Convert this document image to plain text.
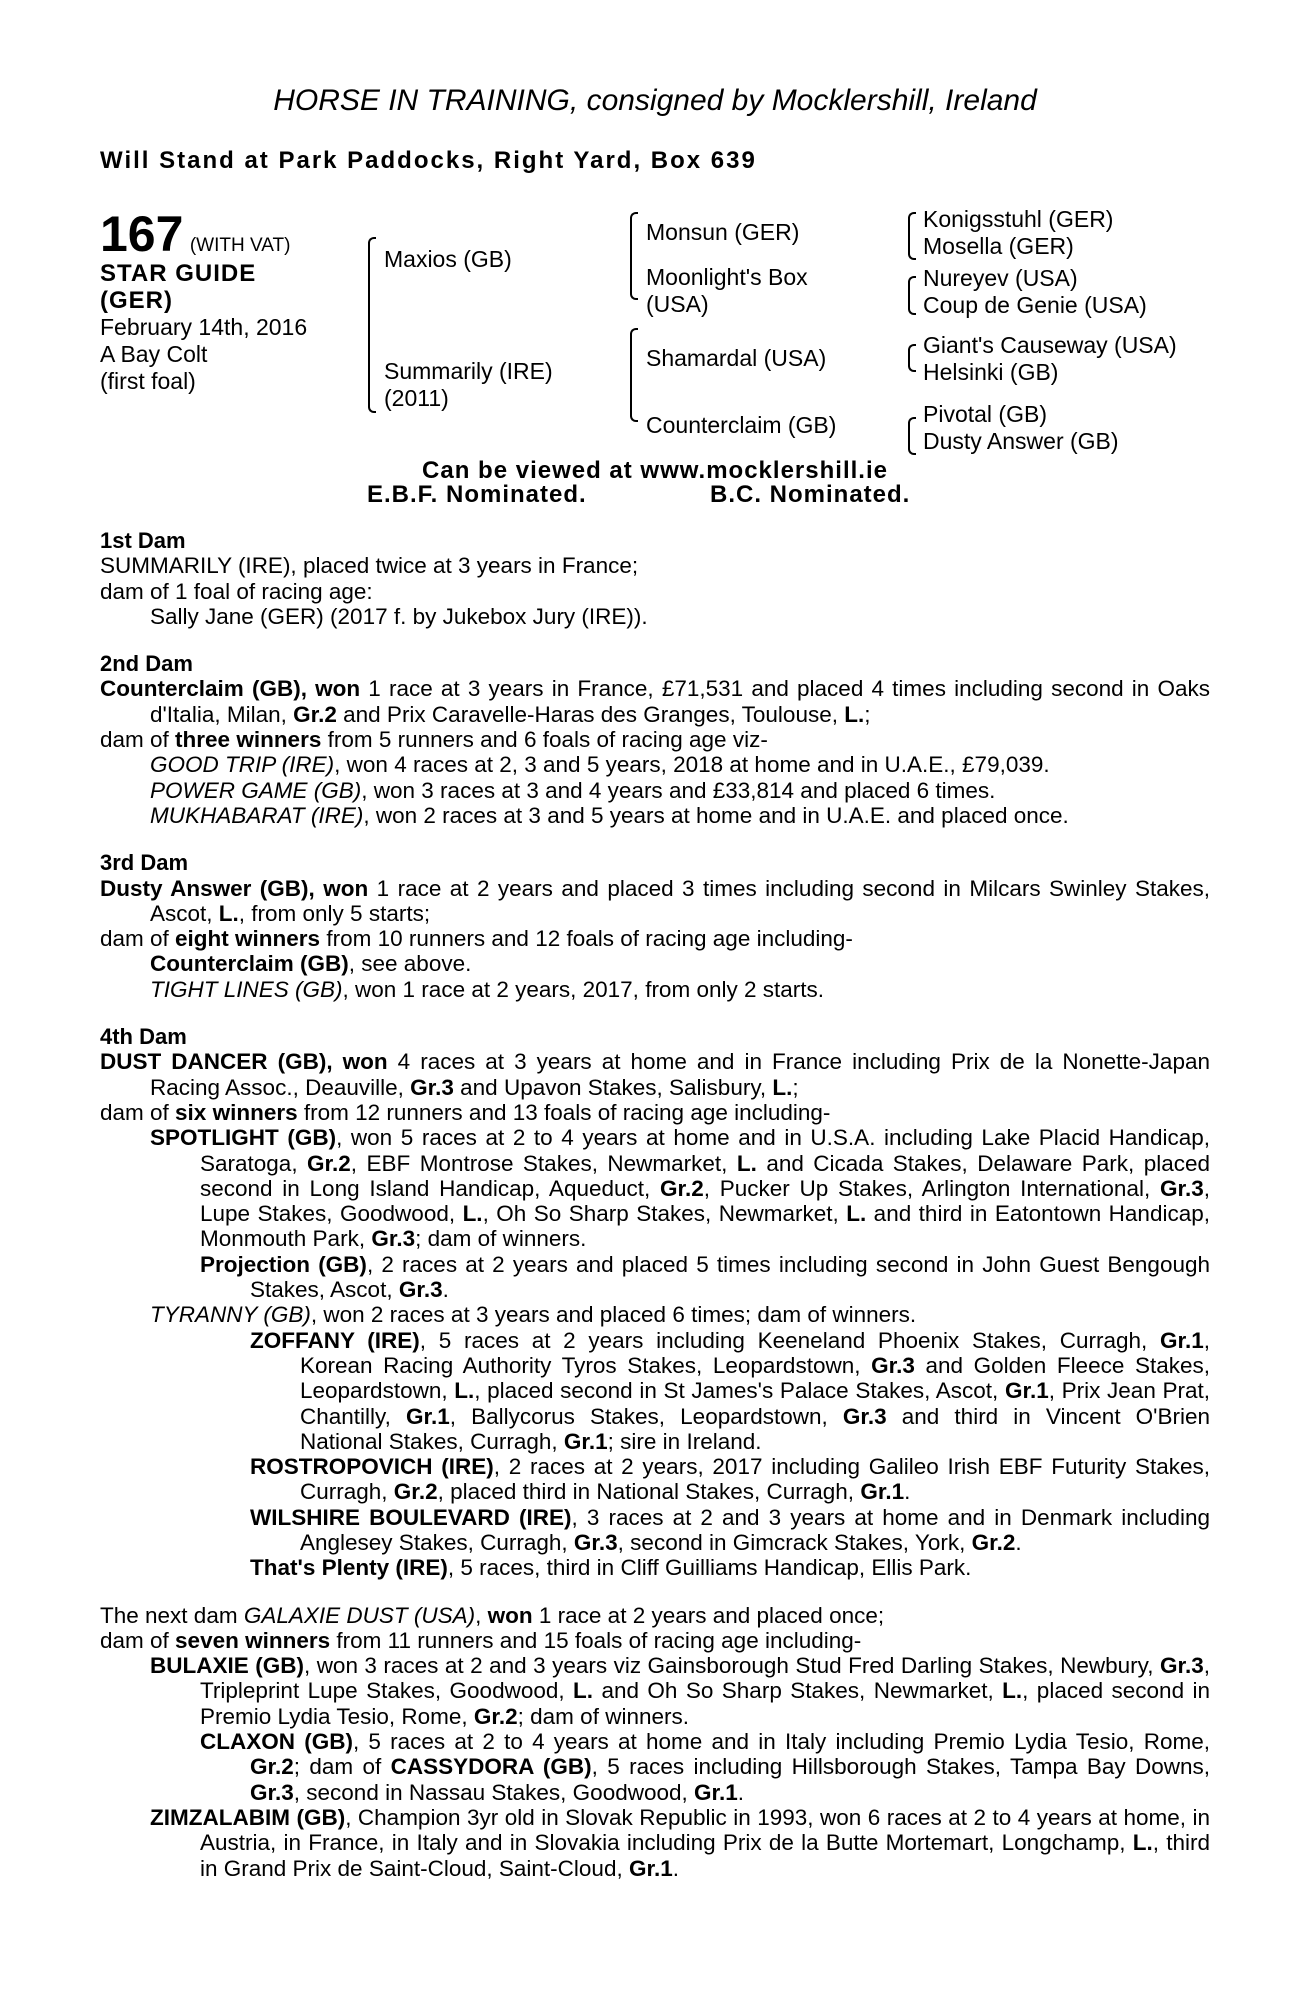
HORSE IN TRAINING, consigned by Mocklershill, Ireland
Will Stand at Park Paddocks, Right Yard, Box 639
167 (WITH VAT)
STAR GUIDE
(GER)
February 14th, 2016
A Bay Colt
(first foal)
Maxios (GB)
Summarily (IRE)
(2011)
Monsun (GER)
Moonlight's Box
(USA)
Shamardal (USA)
Counterclaim (GB)
Konigsstuhl (GER)
Mosella (GER)
Nureyev (USA)
Coup de Genie (USA)
Giant's Causeway (USA)
Helsinki (GB)
Pivotal (GB)
Dusty Answer (GB)
Can be viewed at www.mocklershill.ie
E.B.F. Nominated.	B.C. Nominated.
1st Dam
SUMMARILY (IRE), placed twice at 3 years in France;
dam of 1 foal of racing age:
Sally Jane (GER) (2017 f. by Jukebox Jury (IRE)).
2nd Dam
Counterclaim (GB), won 1 race at 3 years in France, £71,531 and placed 4 times including second in Oaks d'Italia, Milan, Gr.2 and Prix Caravelle-Haras des Granges, Toulouse, L.;
dam of three winners from 5 runners and 6 foals of racing age viz-
GOOD TRIP (IRE), won 4 races at 2, 3 and 5 years, 2018 at home and in U.A.E., £79,039.
POWER GAME (GB), won 3 races at 3 and 4 years and £33,814 and placed 6 times.
MUKHABARAT (IRE), won 2 races at 3 and 5 years at home and in U.A.E. and placed once.
3rd Dam
Dusty Answer (GB), won 1 race at 2 years and placed 3 times including second in Milcars Swinley Stakes, Ascot, L., from only 5 starts;
dam of eight winners from 10 runners and 12 foals of racing age including-
Counterclaim (GB), see above.
TIGHT LINES (GB), won 1 race at 2 years, 2017, from only 2 starts.
4th Dam
DUST DANCER (GB), won 4 races at 3 years at home and in France including Prix de la Nonette-Japan Racing Assoc., Deauville, Gr.3 and Upavon Stakes, Salisbury, L.;
dam of six winners from 12 runners and 13 foals of racing age including-
SPOTLIGHT (GB), won 5 races at 2 to 4 years at home and in U.S.A. including Lake Placid Handicap, Saratoga, Gr.2, EBF Montrose Stakes, Newmarket, L. and Cicada Stakes, Delaware Park, placed second in Long Island Handicap, Aqueduct, Gr.2, Pucker Up Stakes, Arlington International, Gr.3, Lupe Stakes, Goodwood, L., Oh So Sharp Stakes, Newmarket, L. and third in Eatontown Handicap, Monmouth Park, Gr.3; dam of winners.
Projection (GB), 2 races at 2 years and placed 5 times including second in John Guest Bengough Stakes, Ascot, Gr.3.
TYRANNY (GB), won 2 races at 3 years and placed 6 times; dam of winners.
ZOFFANY (IRE), 5 races at 2 years including Keeneland Phoenix Stakes, Curragh, Gr.1, Korean Racing Authority Tyros Stakes, Leopardstown, Gr.3 and Golden Fleece Stakes, Leopardstown, L., placed second in St James's Palace Stakes, Ascot, Gr.1, Prix Jean Prat, Chantilly, Gr.1, Ballycorus Stakes, Leopardstown, Gr.3 and third in Vincent O'Brien National Stakes, Curragh, Gr.1; sire in Ireland.
ROSTROPOVICH (IRE), 2 races at 2 years, 2017 including Galileo Irish EBF Futurity Stakes, Curragh, Gr.2, placed third in National Stakes, Curragh, Gr.1.
WILSHIRE BOULEVARD (IRE), 3 races at 2 and 3 years at home and in Denmark including Anglesey Stakes, Curragh, Gr.3, second in Gimcrack Stakes, York, Gr.2.
That's Plenty (IRE), 5 races, third in Cliff Guilliams Handicap, Ellis Park.
The next dam GALAXIE DUST (USA), won 1 race at 2 years and placed once;
dam of seven winners from 11 runners and 15 foals of racing age including-
BULAXIE (GB), won 3 races at 2 and 3 years viz Gainsborough Stud Fred Darling Stakes, Newbury, Gr.3, Tripleprint Lupe Stakes, Goodwood, L. and Oh So Sharp Stakes, Newmarket, L., placed second in Premio Lydia Tesio, Rome, Gr.2; dam of winners.
CLAXON (GB), 5 races at 2 to 4 years at home and in Italy including Premio Lydia Tesio, Rome, Gr.2; dam of CASSYDORA (GB), 5 races including Hillsborough Stakes, Tampa Bay Downs, Gr.3, second in Nassau Stakes, Goodwood, Gr.1.
ZIMZALABIM (GB), Champion 3yr old in Slovak Republic in 1993, won 6 races at 2 to 4 years at home, in Austria, in France, in Italy and in Slovakia including Prix de la Butte Mortemart, Longchamp, L., third in Grand Prix de Saint-Cloud, Saint-Cloud, Gr.1.
